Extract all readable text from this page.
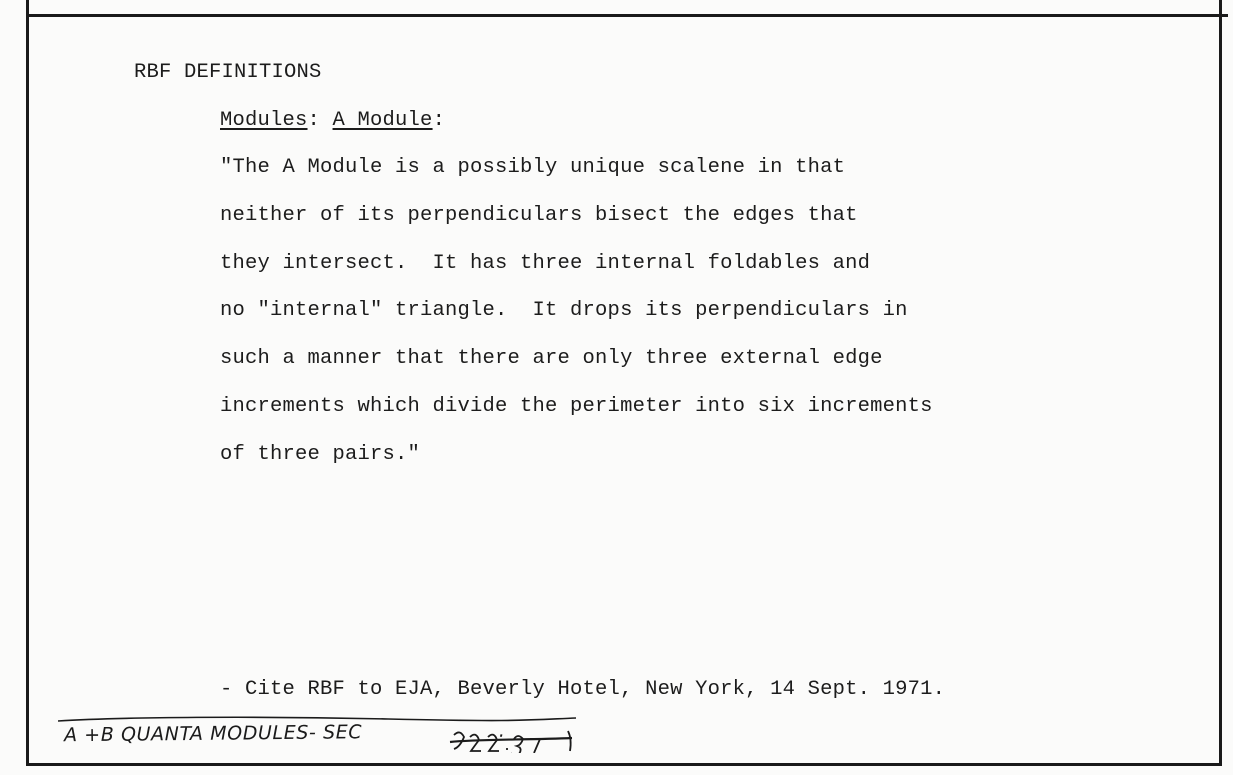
RBF DEFINITIONS
Modules: A Module:
"The A Module is a possibly unique scalene in that
neither of its perpendiculars bisect the edges that
they intersect.  It has three internal foldables and
no "internal" triangle.  It drops its perpendiculars in
such a manner that there are only three external edge
increments which divide the perimeter into six increments
of three pairs."
- Cite RBF to EJA, Beverly Hotel, New York, 14 Sept. 1971.
A +B QUANTA MODULES- SEC	.
